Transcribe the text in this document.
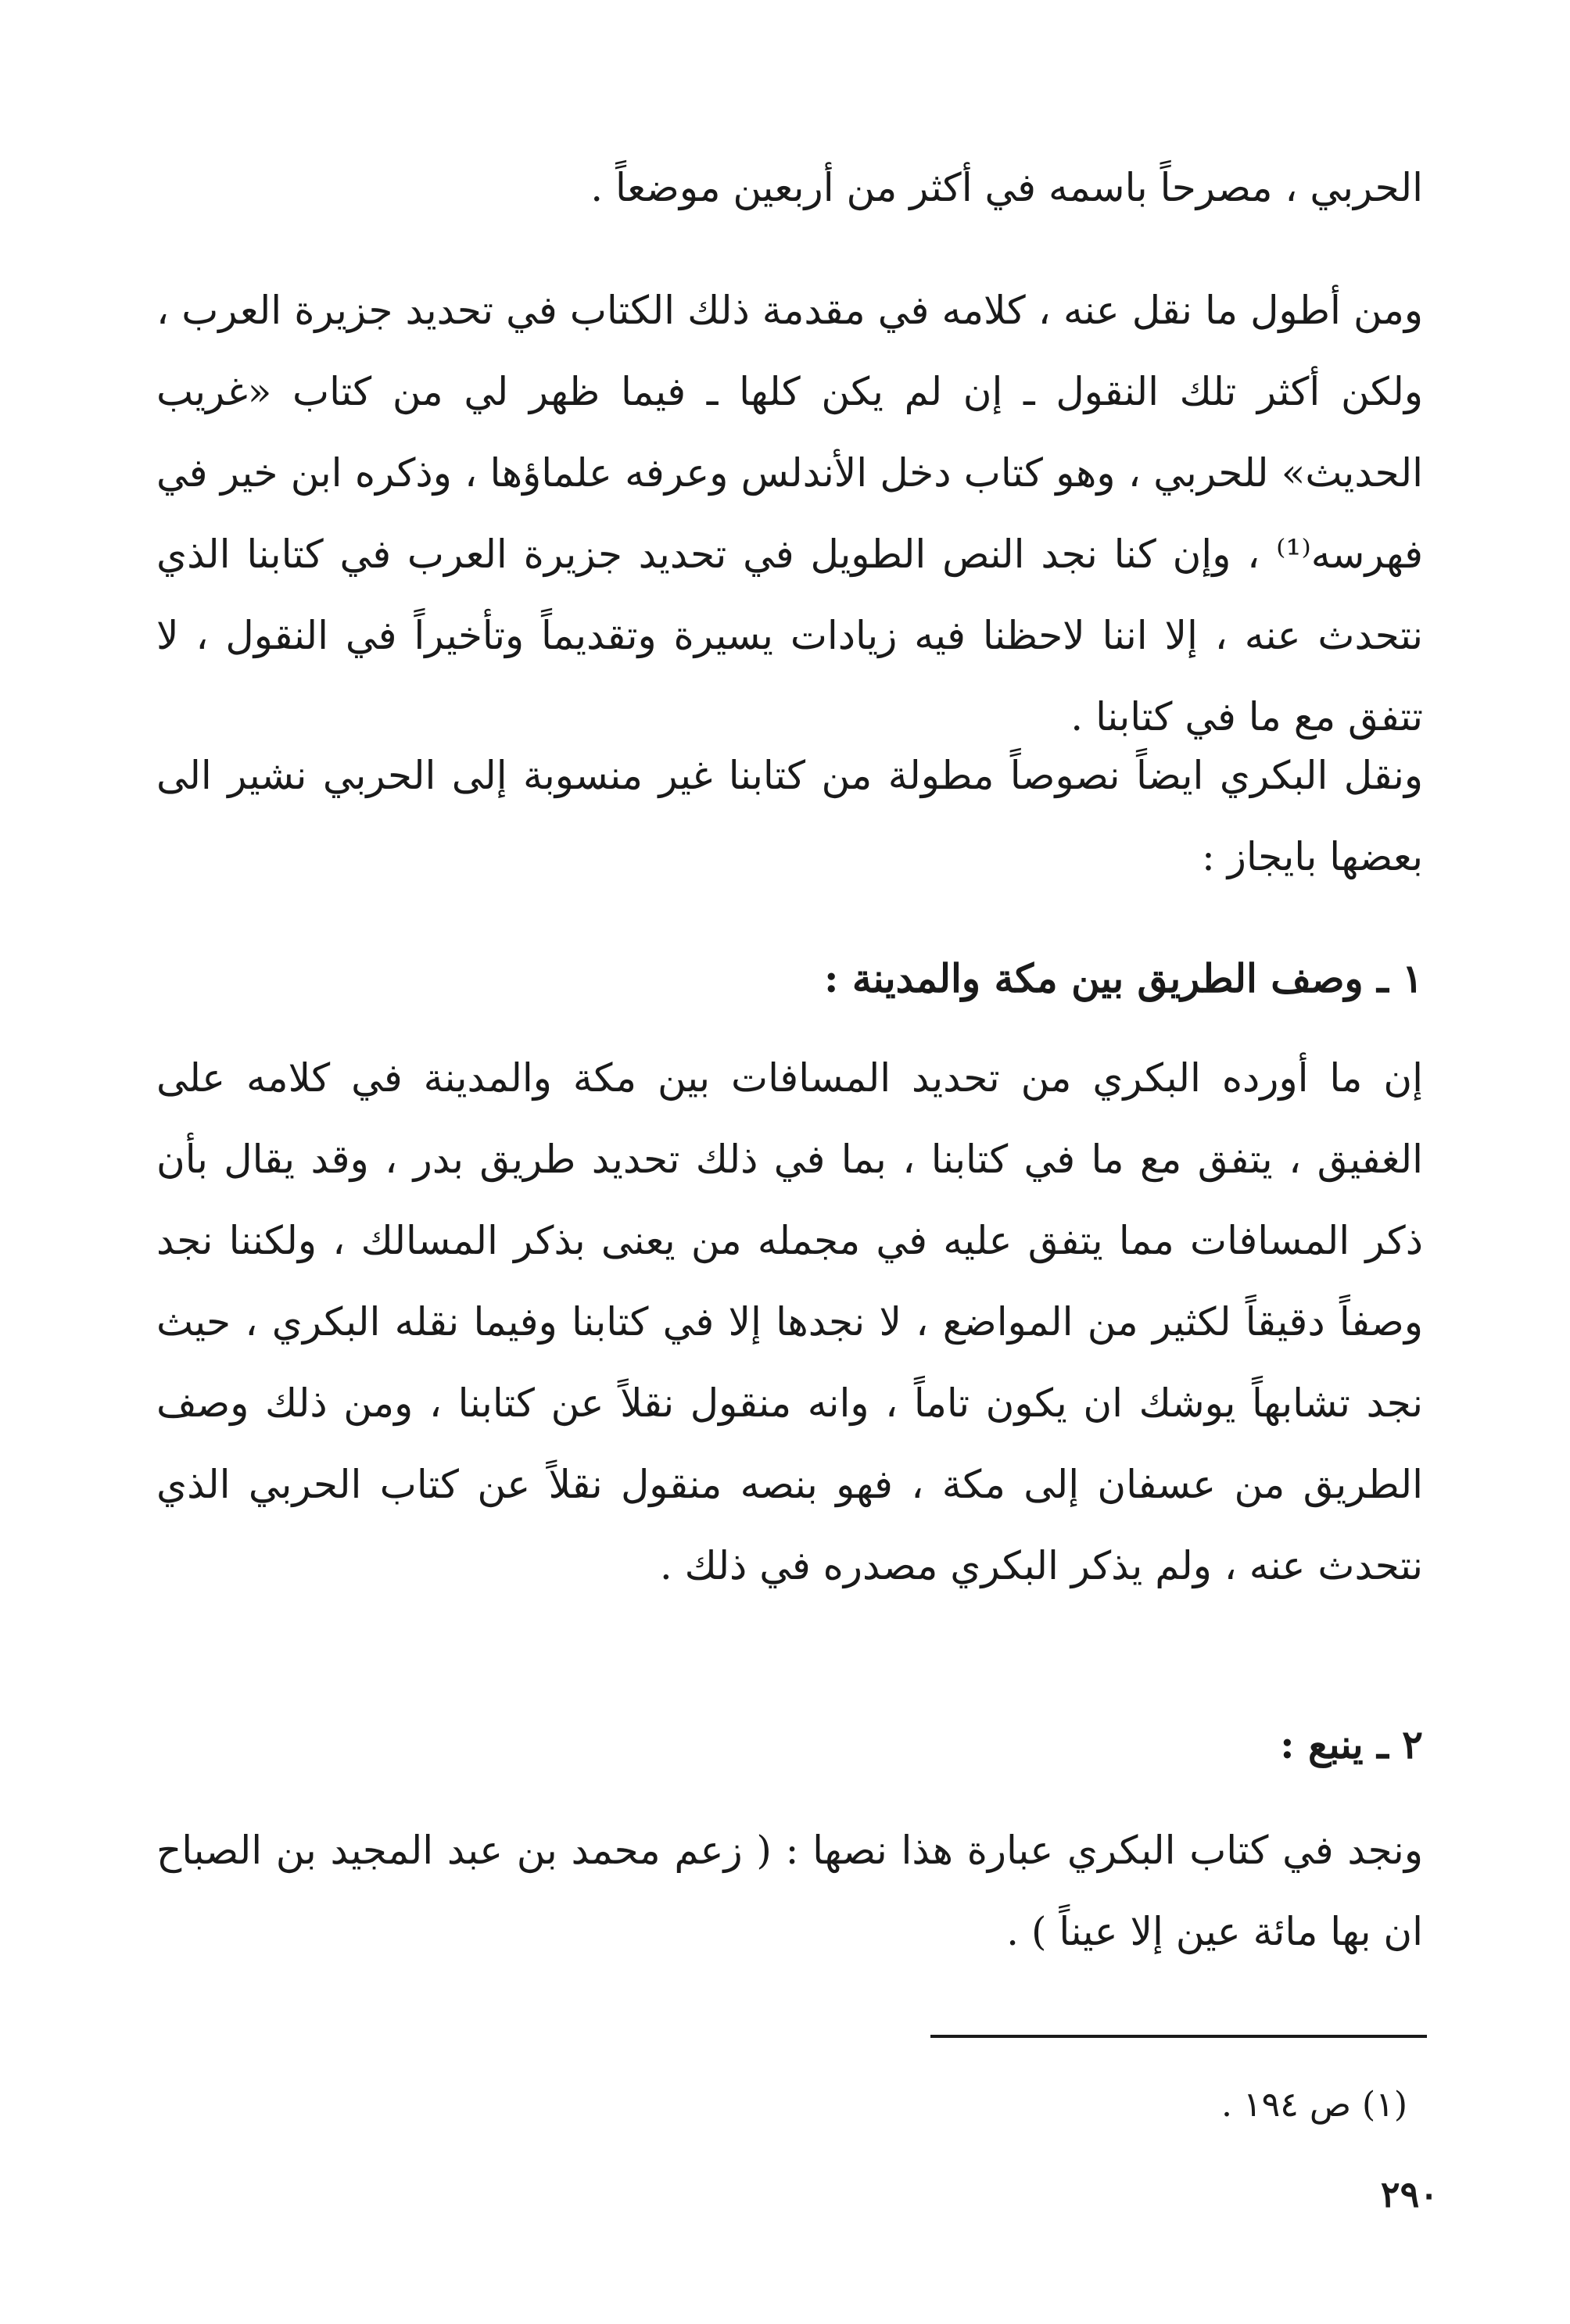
الحربي ، مصرحاً باسمه في أكثر من أربعين موضعاً .
ومن أطول ما نقل عنه ، كلامه في مقدمة ذلك الكتاب في تحديد جزيرة العرب ، ولكن أكثر تلك النقول ـ إن لم يكن كلها ـ فيما ظهر لي من كتاب «غريب الحديث» للحربي ، وهو كتاب دخل الأندلس وعرفه علماؤها ، وذكره ابن خير في فهرسه⁽¹⁾ ، وإن كنا نجد النص الطويل في تحديد جزيرة العرب في كتابنا الذي نتحدث عنه ، إلا اننا لاحظنا فيه زيادات يسيرة وتقديماً وتأخيراً في النقول ، لا تتفق مع ما في كتابنا .
ونقل البكري ايضاً نصوصاً مطولة من كتابنا غير منسوبة إلى الحربي نشير الى بعضها بايجاز :
١ ـ وصف الطريق بين مكة والمدينة :
إن ما أورده البكري من تحديد المسافات بين مكة والمدينة في كلامه على الغفيق ، يتفق مع ما في كتابنا ، بما في ذلك تحديد طريق بدر ، وقد يقال بأن ذكر المسافات مما يتفق عليه في مجمله من يعنى بذكر المسالك ، ولكننا نجد وصفاً دقيقاً لكثير من المواضع ، لا نجدها إلا في كتابنا وفيما نقله البكري ، حيث نجد تشابهاً يوشك ان يكون تاماً ، وانه منقول نقلاً عن كتابنا ، ومن ذلك وصف الطريق من عسفان إلى مكة ، فهو بنصه منقول نقلاً عن كتاب الحربي الذي نتحدث عنه ، ولم يذكر البكري مصدره في ذلك .
٢ ـ ينبع :
ونجد في كتاب البكري عبارة هذا نصها : ( زعم محمد بن عبد المجيد بن الصباح ان بها مائة عين إلا عيناً ) .
(١) ص ١٩٤ .
٢٩٠
